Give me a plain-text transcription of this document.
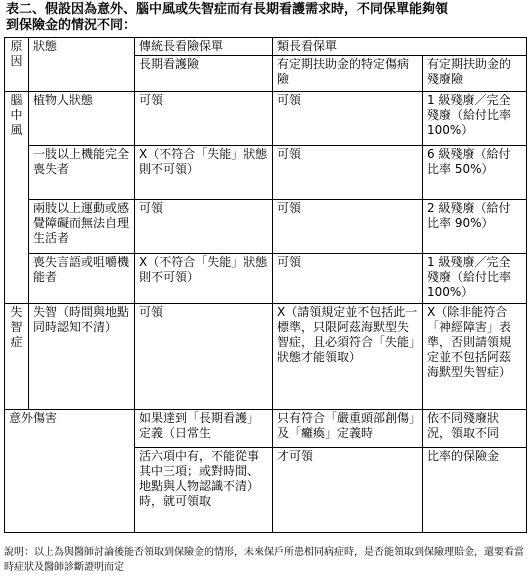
表二、假設因為意外、腦中風或失智症而有長期看護需求時，不同保單能夠領
到保險金的情況不同：
原
因	狀態	傳統長看險保單	類長看保單	
		長期看護險	有定期扶助金的特定傷病險	有定期扶助金的殘廢險

腦
中
風	植物人狀態	可領	可領	1 級殘廢／完全殘廢（給付比率 100%）
	一肢以上機能完全喪失者	X（不符合「失能」狀態則不可領）	可領	6 級殘廢（給付比率 50%）
	兩肢以上運動或感覺障礙而無法自理生活者	可領	可領	2 級殘廢（給付比率 90%）
	喪失言語或咀嚼機能者	X（不符合「失能」狀態則不可領）	可領	1 級殘廢／完全殘廢（給付比率 100%）

失
智
症	失智（時間與地點同時認知不清）	可領	X（請領規定並不包括此一標準，只限阿茲海默型失智症，且必須符合「失能」狀態才能領取）	X（除非能符合「神經障害」表準，否則請領規定並不包括阿茲海默型失智症）
意外傷害		如果達到「長期看護」定義（日常生	只有符合「嚴重頭部創傷」及「癱瘓」定義時	依不同殘廢狀況，領取不同
		活六項中有，不能從事其中三項；或對時間、地點與人物認識不清）時，就可領取	才可領	比率的保險金
說明：以上為與醫師討論後能否領取到保險金的情形，未來保戶所患相同病症時，是否能領取到保險理賠金，還要看當時症狀及醫師診斷證明而定
